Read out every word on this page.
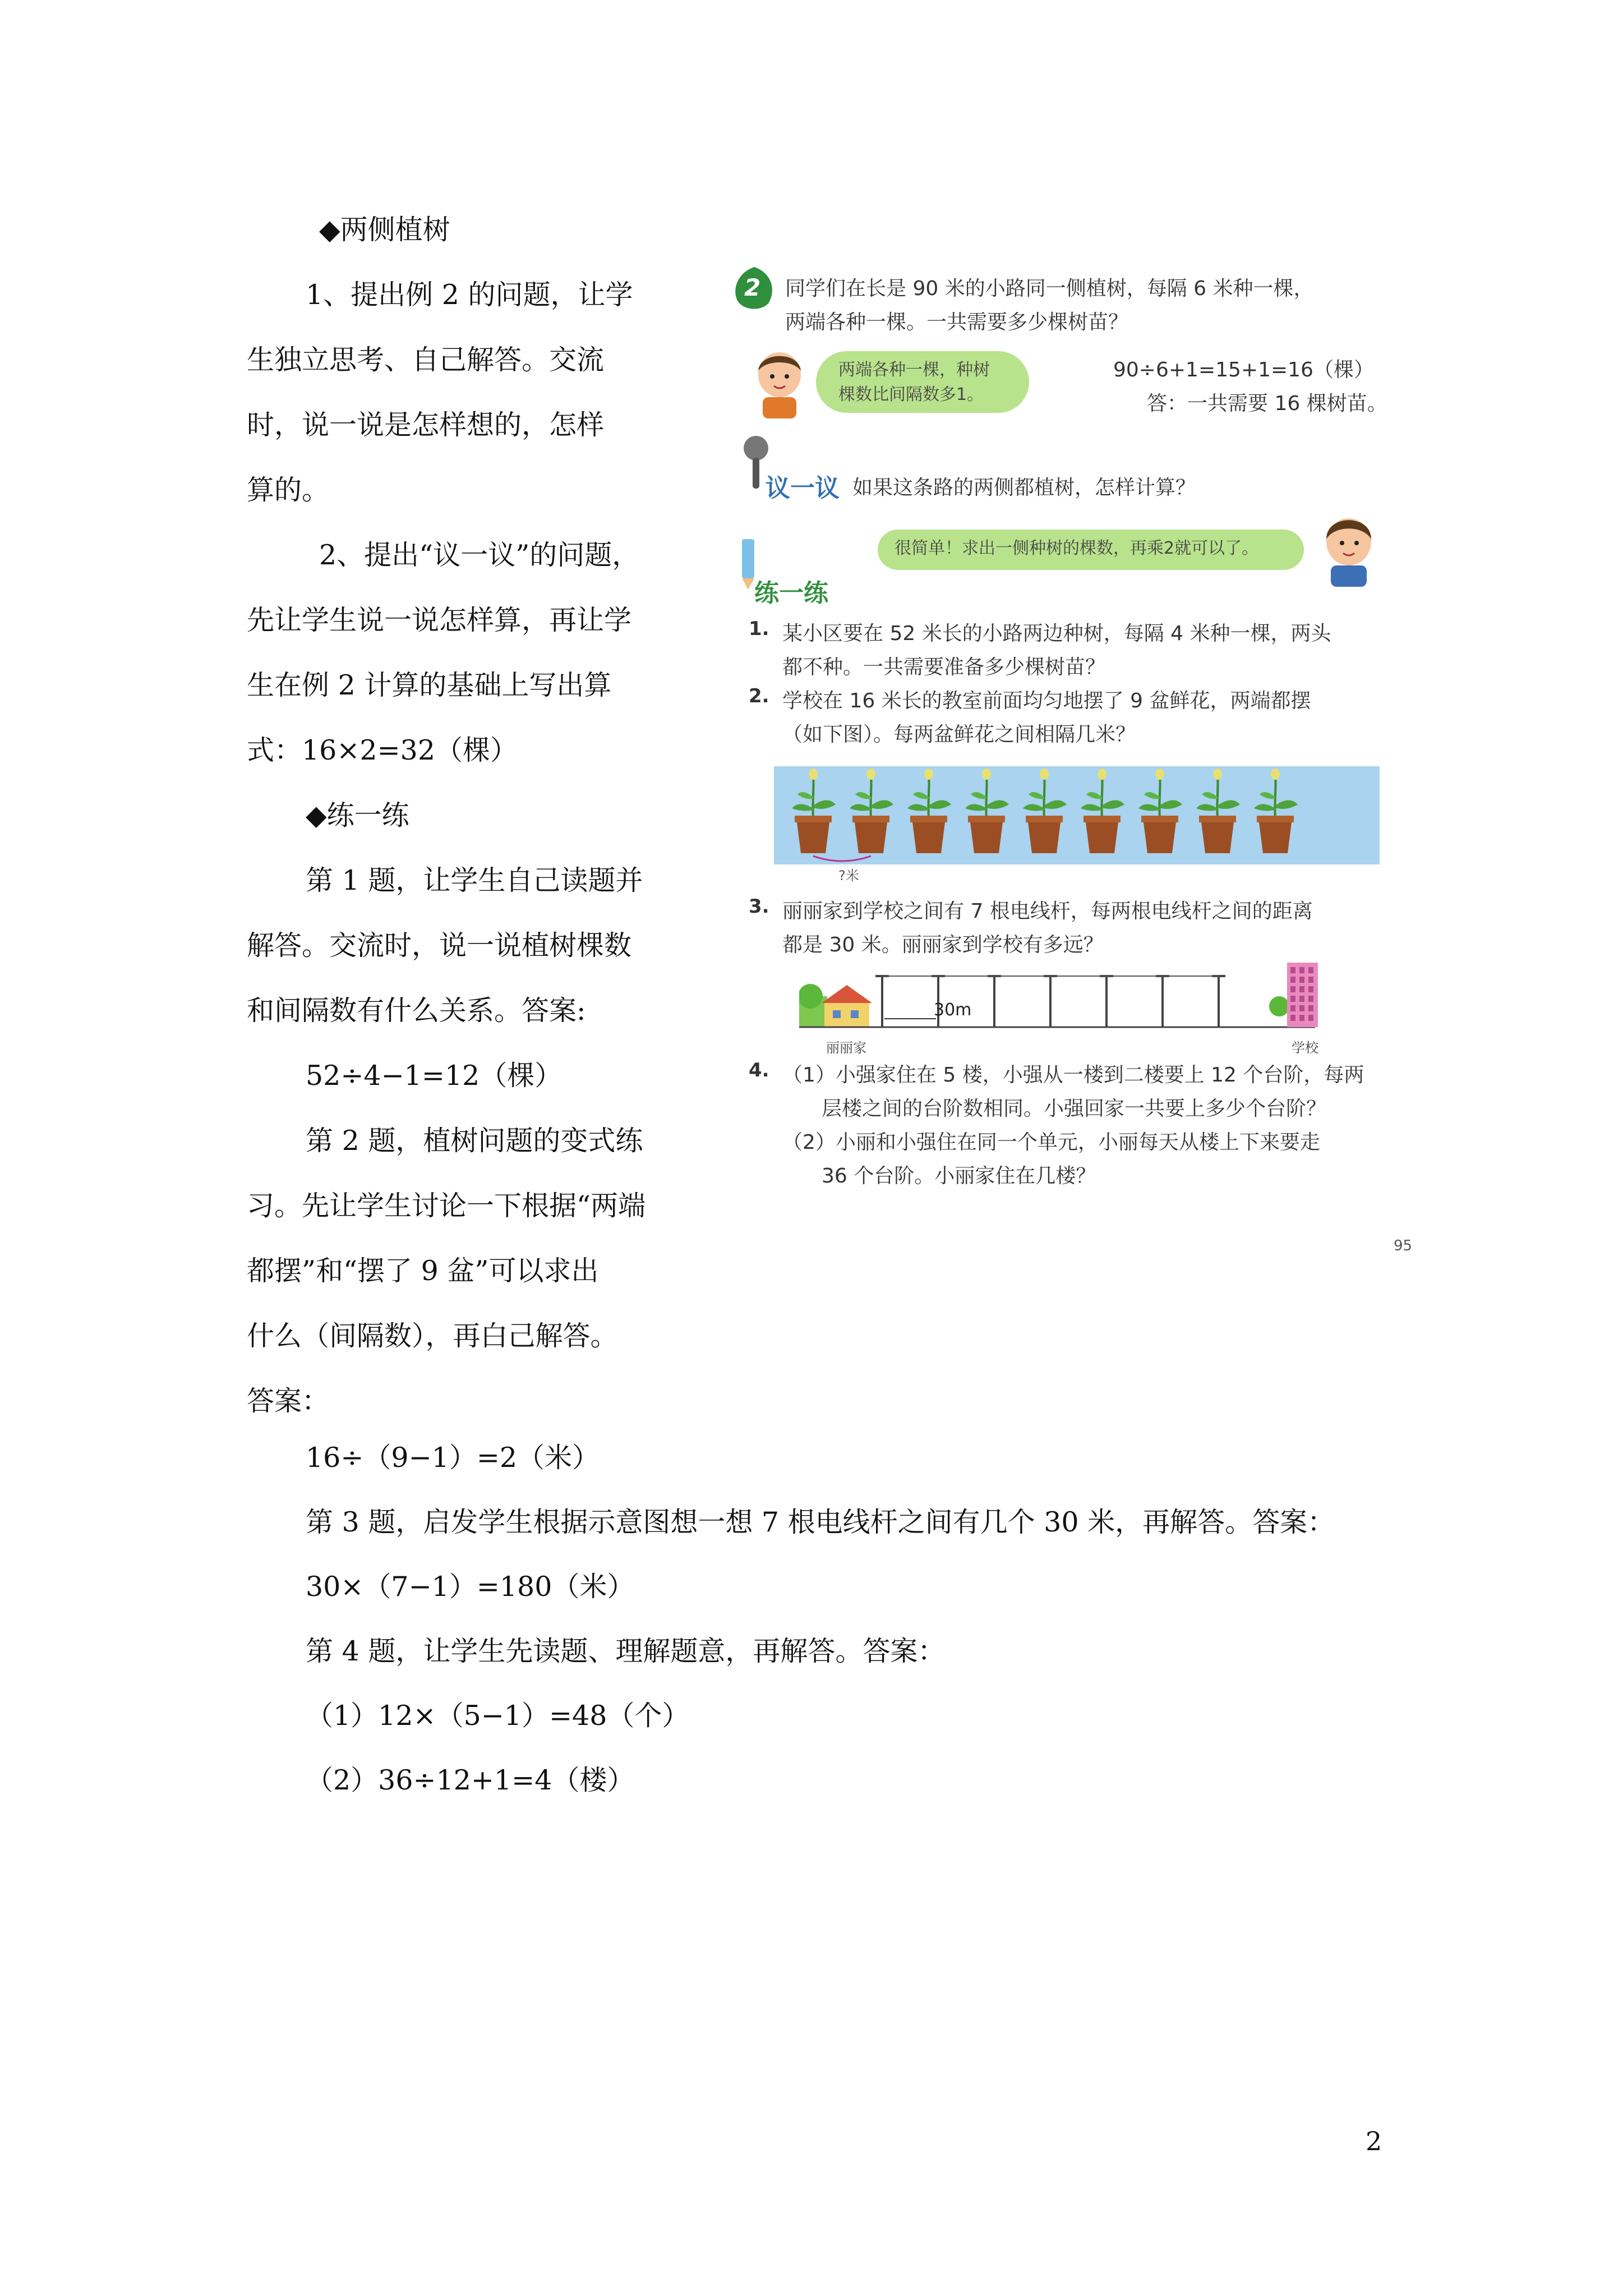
◆两侧植树
1、提出例 2 的问题，让学
生独立思考、自己解答。交流
时，说一说是怎样想的，怎样
算的。
2、提出“议一议”的问题，
先让学生说一说怎样算，再让学
生在例 2 计算的基础上写出算
式：16×2=32（棵）
◆练一练
第 1 题，让学生自己读题并
解答。交流时，说一说植树棵数
和间隔数有什么关系。答案:
52÷4−1=12（棵）
第 2 题，植树问题的变式练
习。先让学生讨论一下根据“两端
都摆”和“摆了 9 盆”可以求出
什么（间隔数），再白己解答。
答案：
16÷（9−1）=2（米）
第 3 题，启发学生根据示意图想一想 7 根电线杆之间有几个 30 米，再解答。答案：
30×（7−1）=180（米）
第 4 题，让学生先读题、理解题意，再解答。答案：
（1）12×（5−1）=48（个）
（2）36÷12+1=4（楼）
2 同学们在长是 90 米的小路同一侧植树，每隔 6 米种一棵，
两端各种一棵。一共需要多少棵树苗？
两端各种一棵，种树
棵数比间隔数多1。
90÷6+1=15+1=16（棵）
答：一共需要 16 棵树苗。
议一议 如果这条路的两侧都植树，怎样计算？
很简单！求出一侧种树的棵数，再乘2就可以了。
练一练
1. 某小区要在 52 米长的小路两边种树，每隔 4 米种一棵，两头
都不种。一共需要准备多少棵树苗？
2. 学校在 16 米长的教室前面均匀地摆了 9 盆鲜花，两端都摆
（如下图）。每两盆鲜花之间相隔几米？
?米
3. 丽丽家到学校之间有 7 根电线杆，每两根电线杆之间的距离
都是 30 米。丽丽家到学校有多远？
30m
丽丽家	学校
4. （1）小强家住在 5 楼，小强从一楼到二楼要上 12 个台阶，每两
层楼之间的台阶数相同。小强回家一共要上多少个台阶？
（2）小丽和小强住在同一个单元，小丽每天从楼上下来要走
36 个台阶。小丽家住在几楼？
95
2
